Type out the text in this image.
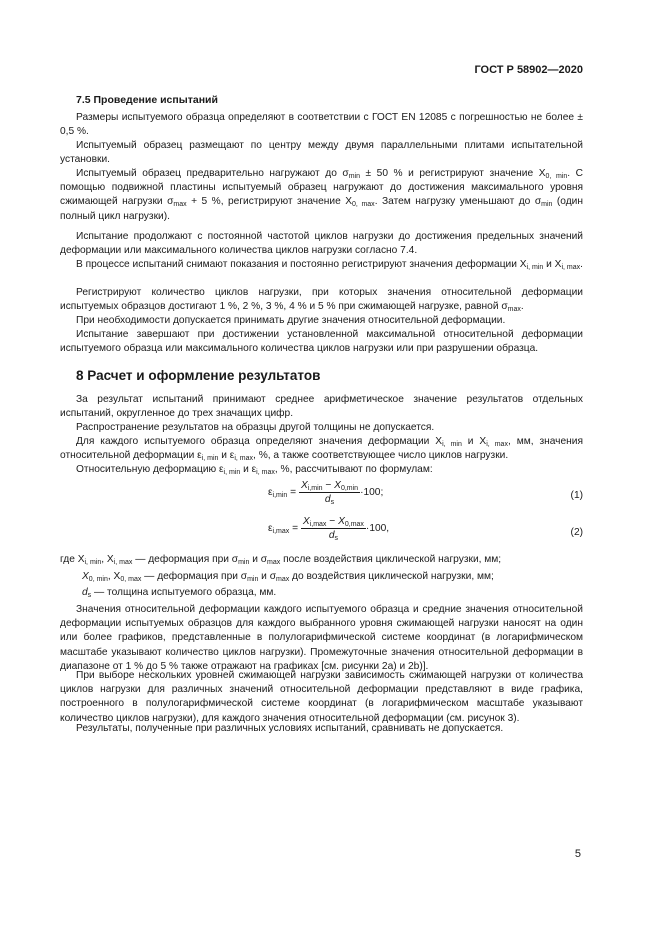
ГОСТ Р 58902—2020

7.5 Проведение испытаний

Размеры испытуемого образца определяют в соответствии с ГОСТ EN 12085 с погрешностью не более ± 0,5 %.

Испытуемый образец размещают по центру между двумя параллельными плитами испытательной установки.

Испытуемый образец предварительно нагружают до $\sigma_{min} \pm 50$ % и регистрируют значение $X_{0, min}$. С помощью подвижной пластины испытуемый образец нагружают до достижения максимального уровня сжимающей нагрузки $\sigma_{max} + 5$ %, регистрируют значение $X_{0, max}$. Затем нагрузку уменьшают до $\sigma_{min}$ (один полный цикл нагрузки).

Испытание продолжают с постоянной частотой циклов нагрузки до достижения предельных значений деформации или максимального количества циклов нагрузки согласно 7.4.

В процессе испытаний снимают показания и постоянно регистрируют значения деформации $X_{i, min}$ и $X_{i, max}$.

Регистрируют количество циклов нагрузки, при которых значения относительной деформации испытуемых образцов достигают 1 %, 2 %, 3 %, 4 % и 5 % при сжимающей нагрузке, равной $\sigma_{max}$.

При необходимости допускается принимать другие значения относительной деформации.

Испытание завершают при достижении установленной максимальной относительной деформации испытуемого образца или максимального количества циклов нагрузки или при разрушении образца.

8 Расчет и оформление результатов

За результат испытаний принимают среднее арифметическое значение результатов отдельных испытаний, округленное до трех значащих цифр.

Распространение результатов на образцы другой толщины не допускается.

Для каждого испытуемого образца определяют значения деформации $X_{i, min}$ и $X_{i, max}$, мм, значения относительной деформации $\varepsilon_{i, min}$ и $\varepsilon_{i, max}$, %, а также соответствующее число циклов нагрузки.

Относительную деформацию $\varepsilon_{i, min}$ и $\varepsilon_{i, max}$, %, рассчитывают по формулам:

$\varepsilon_{i,min} = \frac{X_{i,min} - X_{0,min}}{d_s} \cdot 100$;	(1)
$\varepsilon_{i,max} = \frac{X_{i,max} - X_{0,max}}{d_s} \cdot 100$,	(2)
где $X_{i, min}$, $X_{i, max}$ — деформация при $\sigma_{min}$ и $\sigma_{max}$ после воздействия циклической нагрузки, мм;
$X_{0, min}$, $X_{0, max}$ — деформация при $\sigma_{min}$ и $\sigma_{max}$ до воздействия циклической нагрузки, мм;
$d_s$ — толщина испытуемого образца, мм.

Значения относительной деформации каждого испытуемого образца и средние значения относительной деформации испытуемых образцов для каждого выбранного уровня сжимающей нагрузки наносят на один или более графиков, представленные в полулогарифмической системе координат (в логарифмическом масштабе указывают количество циклов нагрузки). Промежуточные значения относительной деформации в диапазоне от 1 % до 5 % также отражают на графиках [см. рисунки 2а) и 2b)].

При выборе нескольких уровней сжимающей нагрузки зависимость сжимающей нагрузки от количества циклов нагрузки для различных значений относительной деформации представляют в виде графика, построенного в полулогарифмической системе координат (в логарифмическом масштабе указывают количество циклов нагрузки), для каждого значения относительной деформации (см. рисунок 3).

Результаты, полученные при различных условиях испытаний, сравнивать не допускается.

5
